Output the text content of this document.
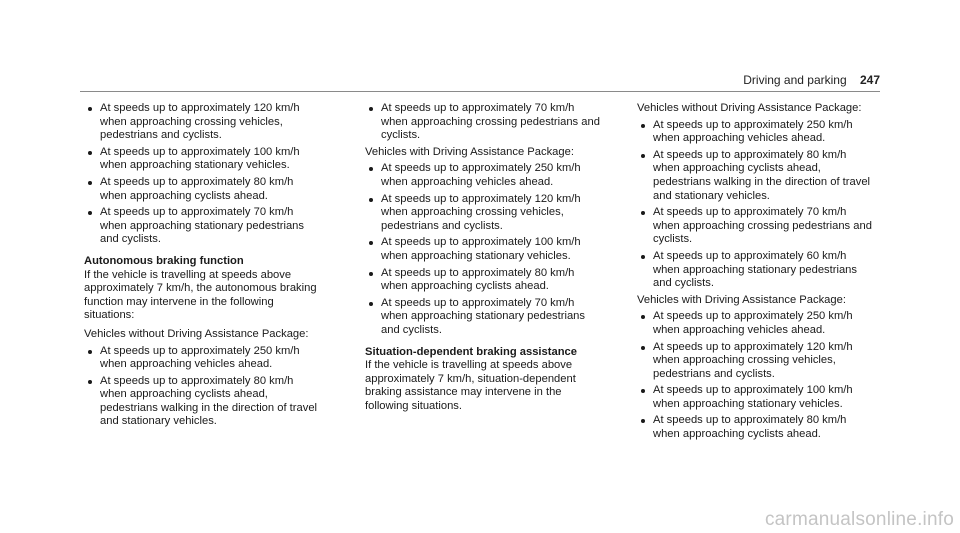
Driving and parking 247
At speeds up to approximately 120 km/h when approaching crossing vehicles, pedestrians and cyclists.
At speeds up to approximately 100 km/h when approaching stationary vehicles.
At speeds up to approximately 80 km/h when approaching cyclists ahead.
At speeds up to approximately 70 km/h when approaching stationary pedestrians and cyclists.
Autonomous braking function

If the vehicle is travelling at speeds above approximately 7 km/h, the autonomous braking function may intervene in the following situations:

Vehicles without Driving Assistance Package:

At speeds up to approximately 250 km/h when approaching vehicles ahead.
At speeds up to approximately 80 km/h when approaching cyclists ahead, pedestrians walking in the direction of travel and stationary vehicles.
At speeds up to approximately 70 km/h when approaching crossing pedestrians and cyclists.

Vehicles with Driving Assistance Package:

At speeds up to approximately 250 km/h when approaching vehicles ahead.
At speeds up to approximately 120 km/h when approaching crossing vehicles, pedestrians and cyclists.
At speeds up to approximately 100 km/h when approaching stationary vehicles.
At speeds up to approximately 80 km/h when approaching cyclists ahead.
At speeds up to approximately 70 km/h when approaching stationary pedestrians and cyclists.
Situation-dependent braking assistance

If the vehicle is travelling at speeds above approximately 7 km/h, situation-dependent braking assistance may intervene in the following situations.

Vehicles without Driving Assistance Package:

At speeds up to approximately 250 km/h when approaching vehicles ahead.
At speeds up to approximately 80 km/h when approaching cyclists ahead, pedestrians walking in the direction of travel and stationary vehicles.
At speeds up to approximately 70 km/h when approaching crossing pedestrians and cyclists.
At speeds up to approximately 60 km/h when approaching stationary pedestrians and cyclists.

Vehicles with Driving Assistance Package:

At speeds up to approximately 250 km/h when approaching vehicles ahead.
At speeds up to approximately 120 km/h when approaching crossing vehicles, pedestrians and cyclists.
At speeds up to approximately 100 km/h when approaching stationary vehicles.
At speeds up to approximately 80 km/h when approaching cyclists ahead.
carmanualsonline.info
